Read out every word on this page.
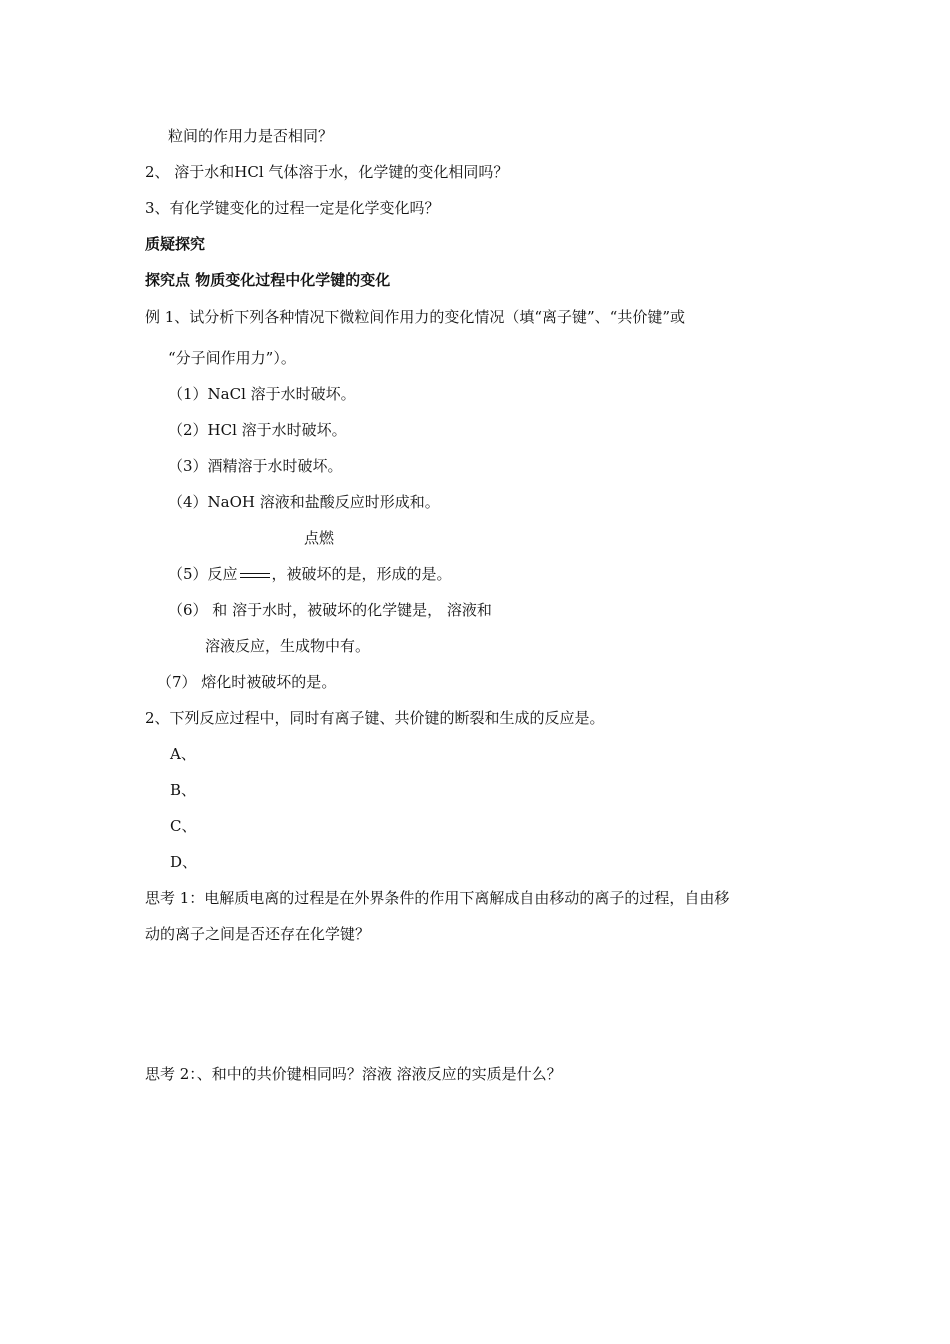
粒间的作用力是否相同？
2、 溶于水和HCl 气体溶于水，化学键的变化相同吗？
3、有化学键变化的过程一定是化学变化吗？
质疑探究
探究点 物质变化过程中化学键的变化
例 1、试分析下列各种情况下微粒间作用力的变化情况（填“离子键”、“共价键”或
“分子间作用力”）。
（1）NaCl 溶于水时破坏。
（2）HCl 溶于水时破坏。
（3）酒精溶于水时破坏。
（4）NaOH 溶液和盐酸反应时形成和。
点燃
（5）反应 ，被破坏的是，形成的是。
（6） 和 溶于水时，被破坏的化学键是， 溶液和
溶液反应，生成物中有。
（7） 熔化时被破坏的是。
2、下列反应过程中，同时有离子键、共价键的断裂和生成的反应是。
A、
B、
C、
D、
思考 1：电解质电离的过程是在外界条件的作用下离解成自由移动的离子的过程，自由移
动的离子之间是否还存在化学键？
思考 2：、和中的共价键相同吗？溶液 溶液反应的实质是什么？
